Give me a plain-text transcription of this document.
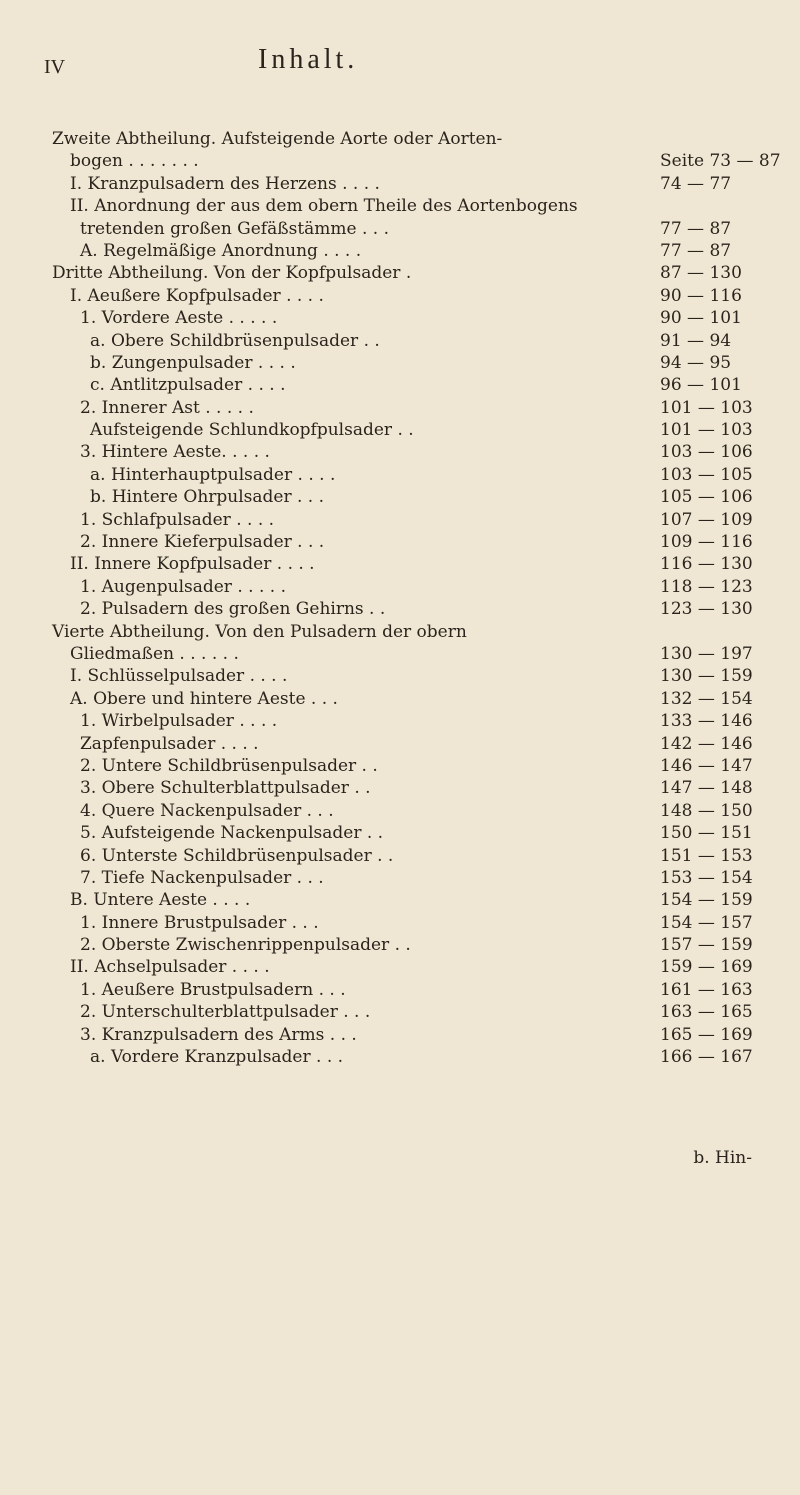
IV	Inhalt.
Zweite Abtheilung. Aufsteigende Aorte oder Aorten-
bogen . . . . . . .	Seite 73 — 87
I. Kranzpulsadern des Herzens . . . .	74 — 77
II. Anordnung der aus dem obern Theile des Aortenbogens
tretenden großen Gefäßstämme . . .	77 — 87
A. Regelmäßige Anordnung . . . .	77 — 87
Dritte Abtheilung. Von der Kopfpulsader .	87 — 130
I. Aeußere Kopfpulsader . . . .	90 — 116
1. Vordere Aeste . . . . .	90 — 101
a. Obere Schildbrüsenpulsader . .	91 — 94
b. Zungenpulsader . . . .	94 — 95
c. Antlitzpulsader . . . .	96 — 101
2. Innerer Ast . . . . .	101 — 103
Aufsteigende Schlundkopfpulsader . .	101 — 103
3. Hintere Aeste. . . . .	103 — 106
a. Hinterhauptpulsader . . . .	103 — 105
b. Hintere Ohrpulsader . . .	105 — 106
1. Schlafpulsader . . . .	107 — 109
2. Innere Kieferpulsader . . .	109 — 116
II. Innere Kopfpulsader . . . .	116 — 130
1. Augenpulsader . . . . .	118 — 123
2. Pulsadern des großen Gehirns . .	123 — 130
Vierte Abtheilung. Von den Pulsadern der obern
Gliedmaßen . . . . . .	130 — 197
I. Schlüsselpulsader . . . .	130 — 159
A. Obere und hintere Aeste . . .	132 — 154
1. Wirbelpulsader . . . .	133 — 146
Zapfenpulsader . . . .	142 — 146
2. Untere Schildbrüsenpulsader . .	146 — 147
3. Obere Schulterblattpulsader . .	147 — 148
4. Quere Nackenpulsader . . .	148 — 150
5. Aufsteigende Nackenpulsader . .	150 — 151
6. Unterste Schildbrüsenpulsader . .	151 — 153
7. Tiefe Nackenpulsader . . .	153 — 154
B. Untere Aeste . . . .	154 — 159
1. Innere Brustpulsader . . .	154 — 157
2. Oberste Zwischenrippenpulsader . .	157 — 159
II. Achselpulsader . . . .	159 — 169
1. Aeußere Brustpulsadern . . .	161 — 163
2. Unterschulterblattpulsader . . .	163 — 165
3. Kranzpulsadern des Arms . . .	165 — 169
a. Vordere Kranzpulsader . . .	166 — 167
b. Hin-
